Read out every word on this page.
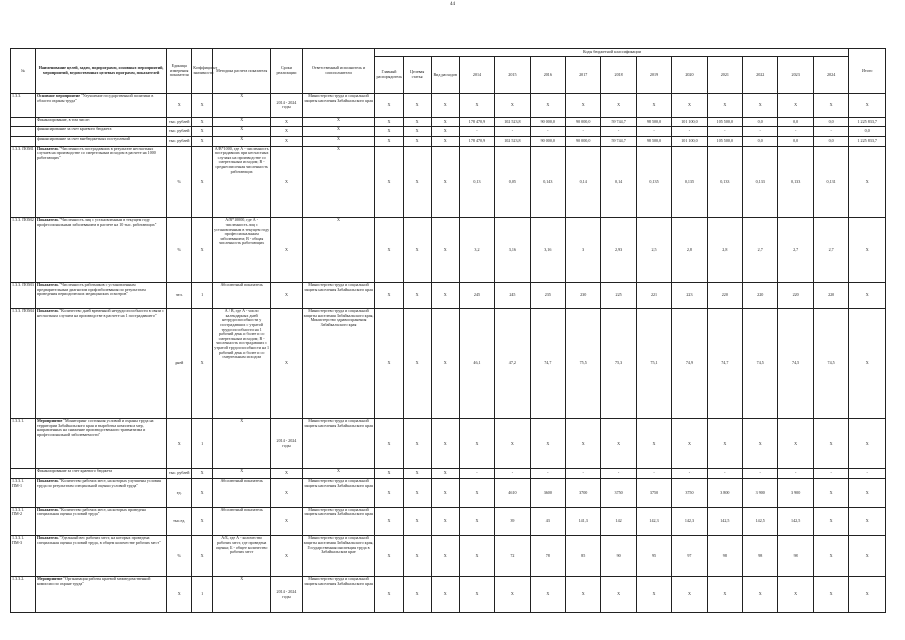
44
№	Наименование целей, задач, подпрограмм, основных мероприятий, мероприятий, ведомственных целевых программ, показателей	Единица измерения показателя	Коэффициент значимости	Методика расчета показателя	Сроки реализации	Ответственный исполнитель и соисполнители	Коды бюджетной классификации														Итого
							Главный распорядитель	Целевая статья	Вид расходов	2014	2015	2016	2017	2018	2019	2020	2021	2022	2023	2024	
1.3.3.	Основное мероприятие "Улучшение государственной политики в области охраны труда"	Х	Х	Х	2014 - 2024 годы	Министерство труда и социальной защиты населения Забайкальского края	Х	Х	Х	Х	Х	Х	Х	Х	Х	Х	Х	Х	Х	Х	Х
	Финансирование, в том числе:	тыс. рублей	Х	Х	Х	Х	Х	Х	Х	178 470,9	102 523,8	90 000,0	90 000,0	59 744,7	98 500,0	101 100,0	105 500,0	0,0	0,0	0,0	1 225 833,7
	финансирование за счет краевого бюджета	тыс. рублей	Х	Х	Х	Х	Х	Х	Х	-	-	-	-	-	-	-	-	-	-	-	0,0
	финансирование за счет внебюджетных поступлений	тыс. рублей	Х	Х	Х	Х	Х	Х	Х	178 470,9	102 523,8	90 000,0	90 000,0	59 744,7	98 500,0	101 100,0	105 500,0	0,0	0,0	0,0	1 225 833,7
1.3.3. ПОМ1	Показатель "Численность пострадавших в результате несчастных случаев на производстве со смертельным исходом в расчете на 1000 работающих"	%	Х	А/В*1000, где А - численность пострадавших при несчастных случаях на производстве со смертельным исходом; В - среднесписочная численность работающих	Х	Х	Х	Х	Х	0,13	0,05	0,143	0,14	0,14	0,135	0,135	0,133	0,133	0,133	0,131	Х
1.3.3. ПОМ2	Показатель "Численность лиц с установленным в текущем году профессиональным заболеванием в расчете на 10 тыс. работающих"	%	Х	А/В*10000, где А - численность лиц с установленным в текущем году профессиональным заболеванием; В - общая численность работающих	Х	Х	Х	Х	Х	3,2	3,16	3,16	3	2,93	2,5	2,8	2,8	2,7	2,7	2,7	Х
1.3.3. ПОМ3	Показатель "Численность работников с установленным предварительным диагнозом профзаболевания по результатам проведения периодических медицинских осмотров"	чел.	1	Абсолютный показатель	Х	Министерство труда и социальной защиты населения Забайкальского края	Х	Х	Х	245	245	235	230	225	221	223	220	220	220	220	Х
1.3.3. ПОМ4	Показатель "Количество дней временной нетрудоспособности в связи с несчастным случаем на производстве в расчете на 1 пострадавшего"	дней	Х	А / В, где А - число календарных дней нетрудоспособности у пострадавших с утратой трудоспособности на 1 рабочий день и более и со смертельным исходом; В - численность пострадавших с утратой трудоспособности на 1 рабочий день и более и со смертельным исходом	Х	Министерство труда и социальной защиты населения Забайкальского края, Министерство здравоохранения Забайкальского края	Х	Х	Х	46,1	47,2	74,7	75,5	75,3	75,1	74,9	74,7	74,5	74,5	74,5	Х
1.3.3.1.	Мероприятие "Мониторинг состояния условий и охраны труда на территории Забайкальского края и выработка комплекса мер, направленных на снижение производственного травматизма и профессиональной заболеваемости"	Х	1	Х	2014 - 2024 годы	Министерство труда и социальной защиты населения Забайкальского края	Х	Х	Х	Х	Х	Х	Х	Х	Х	Х	Х	Х	Х	Х	Х
	Финансирование за счет краевого бюджета	тыс. рублей	Х	Х	Х	Х	Х	Х	Х	-	-	-	-	-	-	-	-	-	-	-	-
1.3.3.1. ПМ-1	Показатель "Количество рабочих мест, на которых улучшены условия труда по результатам специальной оценки условий труда"	ед.	Х	Абсолютный показатель	Х	Министерство труда и социальной защиты населения Забайкальского края	Х	Х	Х	Х	4610	3600	3700	3750	3750	3750	3 800	3 900	3 900	Х	Х
1.3.3.1. ПМ-2	Показатель "Количество рабочих мест, на которых проведена специальная оценка условий труда"	тыс.ед.	Х	Абсолютный показатель	Х	Министерство труда и социальной защиты населения Забайкальского края	Х	Х	Х	Х	39	43	141,3	142	142,3	142,3	142,5	142,5	142,5	Х	Х
1.3.3.1. ПМ-3	Показатель "Удельный вес рабочих мест, на которых проведена специальная оценка условий труда, в общем количестве рабочих мест"	%	Х	А/Б, где А - количество рабочих мест, где проведена оценка; Б - общее количество рабочих мест	Х	Министерство труда и социальной защиты населения Забайкальского края, Государственная инспекция труда в Забайкальском крае	Х	Х	Х	Х	72	78	85	90	95	97	98	98	98	Х	Х
1.3.3.2.	Мероприятие "Организация работы краевой межведомственной комиссии по охране труда"	Х	1	Х	2014 - 2024 годы	Министерство труда и социальной защиты населения Забайкальского края	Х	Х	Х	Х	Х	Х	Х	Х	Х	Х	Х	Х	Х	Х	Х
